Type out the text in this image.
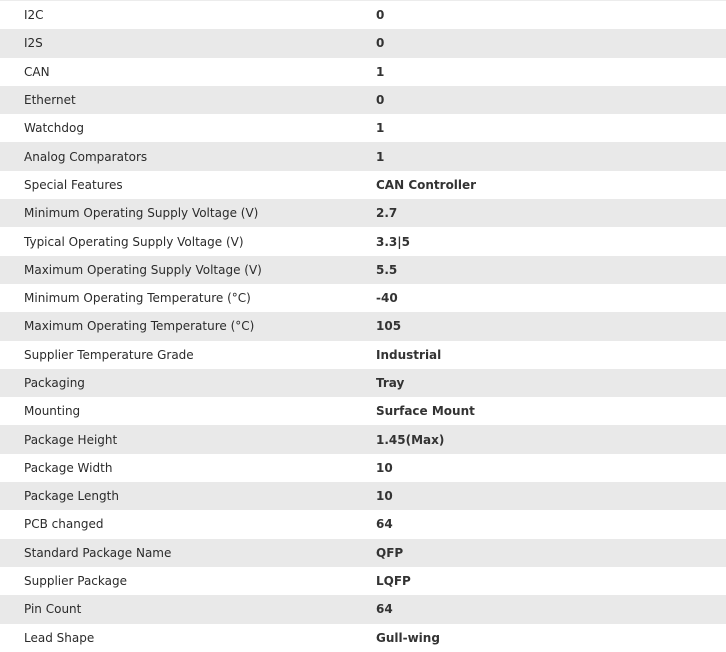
I2C	0
I2S	0
CAN	1
Ethernet	0
Watchdog	1
Analog Comparators	1
Special Features	CAN Controller
Minimum Operating Supply Voltage (V)	2.7
Typical Operating Supply Voltage (V)	3.3|5
Maximum Operating Supply Voltage (V)	5.5
Minimum Operating Temperature (°C)	-40
Maximum Operating Temperature (°C)	105
Supplier Temperature Grade	Industrial
Packaging	Tray
Mounting	Surface Mount
Package Height	1.45(Max)
Package Width	10
Package Length	10
PCB changed	64
Standard Package Name	QFP
Supplier Package	LQFP
Pin Count	64
Lead Shape	Gull-wing
